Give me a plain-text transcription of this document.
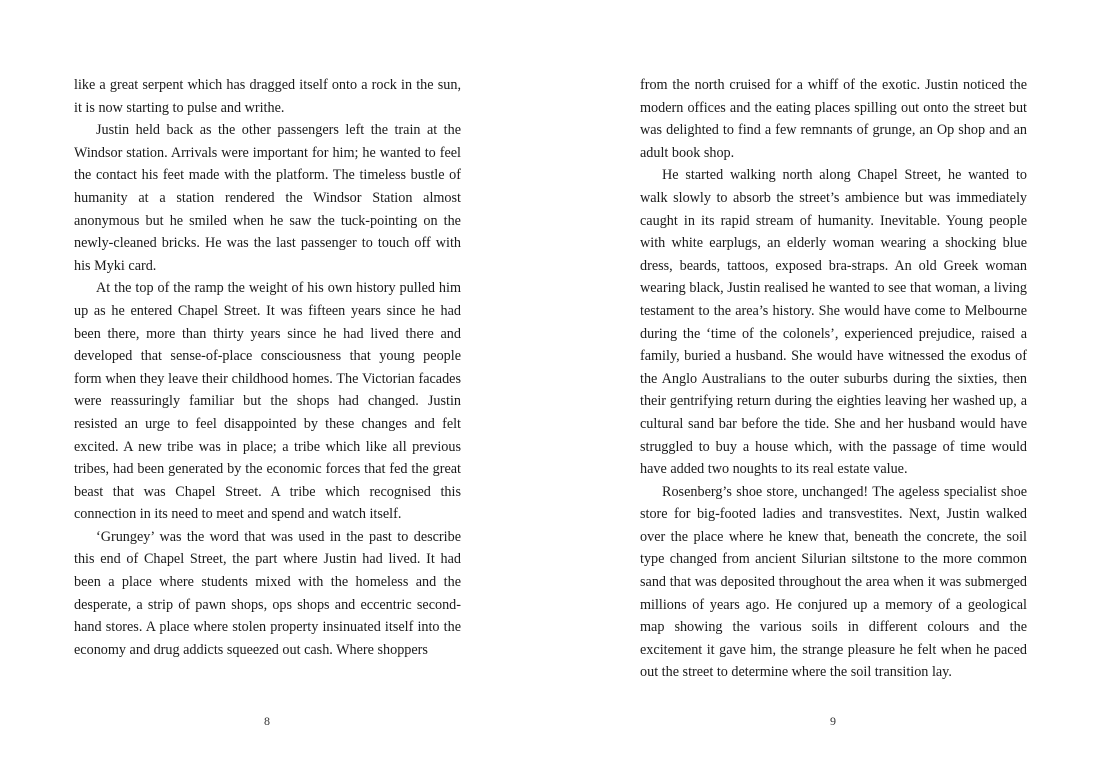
like a great serpent which has dragged itself onto a rock in the sun, it is now starting to pulse and writhe.

Justin held back as the other passengers left the train at the Windsor station. Arrivals were important for him; he wanted to feel the contact his feet made with the platform. The timeless bustle of humanity at a station rendered the Windsor Station almost anonymous but he smiled when he saw the tuck-pointing on the newly-cleaned bricks. He was the last passenger to touch off with his Myki card.

At the top of the ramp the weight of his own history pulled him up as he entered Chapel Street. It was fifteen years since he had been there, more than thirty years since he had lived there and developed that sense-of-place consciousness that young people form when they leave their childhood homes. The Victorian facades were reassuringly familiar but the shops had changed. Justin resisted an urge to feel disappointed by these changes and felt excited. A new tribe was in place; a tribe which like all previous tribes, had been generated by the economic forces that fed the great beast that was Chapel Street. A tribe which recognised this connection in its need to meet and spend and watch itself.

‘Grungey’ was the word that was used in the past to describe this end of Chapel Street, the part where Justin had lived. It had been a place where students mixed with the homeless and the desperate, a strip of pawn shops, ops shops and eccentric second-hand stores. A place where stolen property insinuated itself into the economy and drug addicts squeezed out cash. Where shoppers

8

from the north cruised for a whiff of the exotic. Justin noticed the modern offices and the eating places spilling out onto the street but was delighted to find a few remnants of grunge, an Op shop and an adult book shop.

He started walking north along Chapel Street, he wanted to walk slowly to absorb the street’s ambience but was immediately caught in its rapid stream of humanity. Inevitable. Young people with white earplugs, an elderly woman wearing a shocking blue dress, beards, tattoos, exposed bra-straps. An old Greek woman wearing black, Justin realised he wanted to see that woman, a living testament to the area’s history. She would have come to Melbourne during the ‘time of the colonels’, experienced prejudice, raised a family, buried a husband. She would have witnessed the exodus of the Anglo Australians to the outer suburbs during the sixties, then their gentrifying return during the eighties leaving her washed up, a cultural sand bar before the tide. She and her husband would have struggled to buy a house which, with the passage of time would have added two noughts to its real estate value.

Rosenberg’s shoe store, unchanged! The ageless specialist shoe store for big-footed ladies and transvestites. Next, Justin walked over the place where he knew that, beneath the concrete, the soil type changed from ancient Silurian siltstone to the more common sand that was deposited throughout the area when it was submerged millions of years ago. He conjured up a memory of a geological map showing the various soils in different colours and the excitement it gave him, the strange pleasure he felt when he paced out the street to determine where the soil transition lay.

9
